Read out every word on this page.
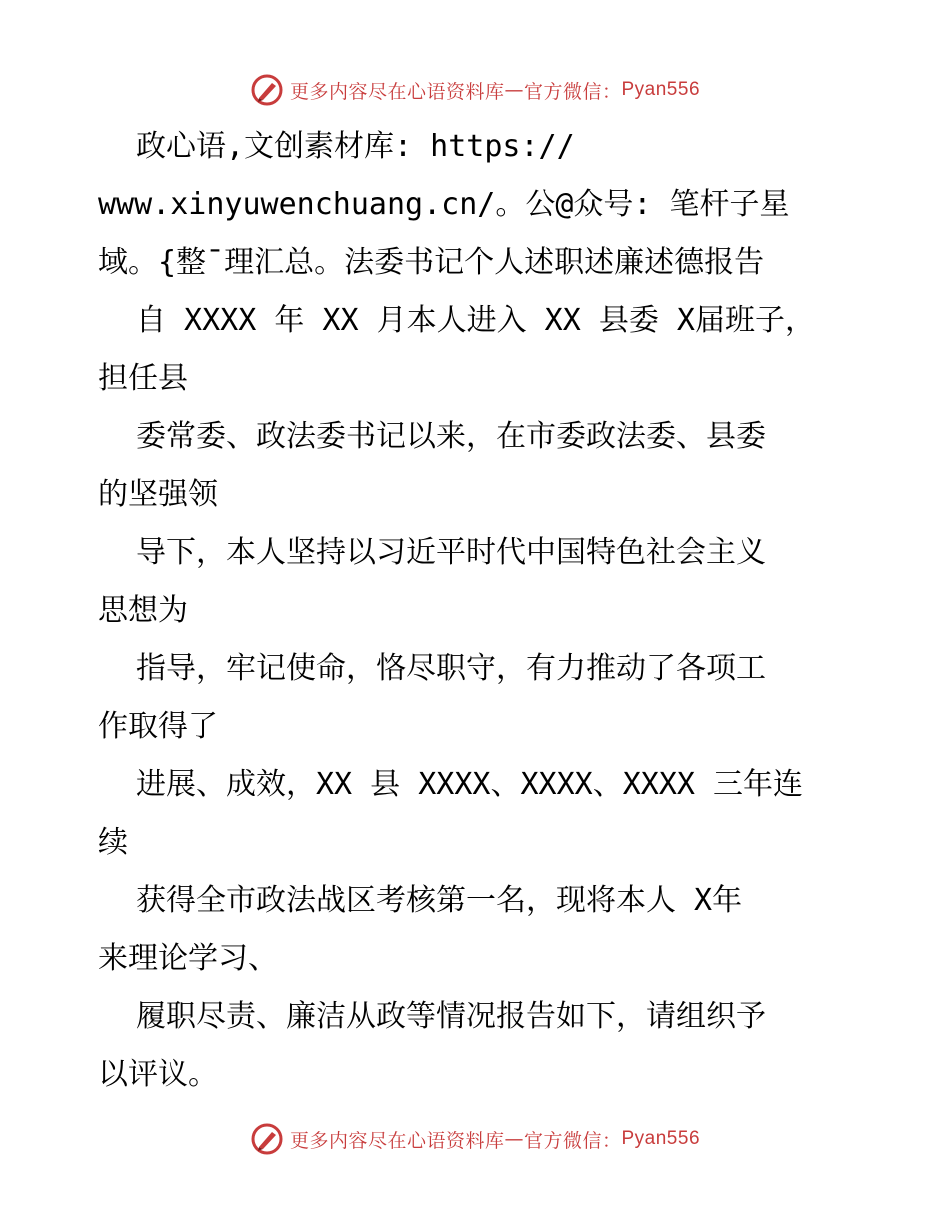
更多内容尽在心语资料库 — 官方微信： Pyan556
政心语,文创素材库: https://
www.xinyuwenchuang.cn/。公@众号: 笔杆子星
域。{整¯理汇总。法委书记个人述职述廉述德报告
自 XXXX 年 XX 月本人进入 XX 县委 X届班子，
担任县
委常委、政法委书记以来，在市委政法委、县委
的坚强领
导下，本人坚持以习近平时代中国特色社会主义
思想为
指导，牢记使命，恪尽职守，有力推动了各项工
作取得了
进展、成效，XX 县 XXXX、XXXX、XXXX 三年连
续
获得全市政法战区考核第一名，现将本人 X年
来理论学习、
履职尽责、廉洁从政等情况报告如下，请组织予
以评议。
更多内容尽在心语资料库 — 官方微信： Pyan556
